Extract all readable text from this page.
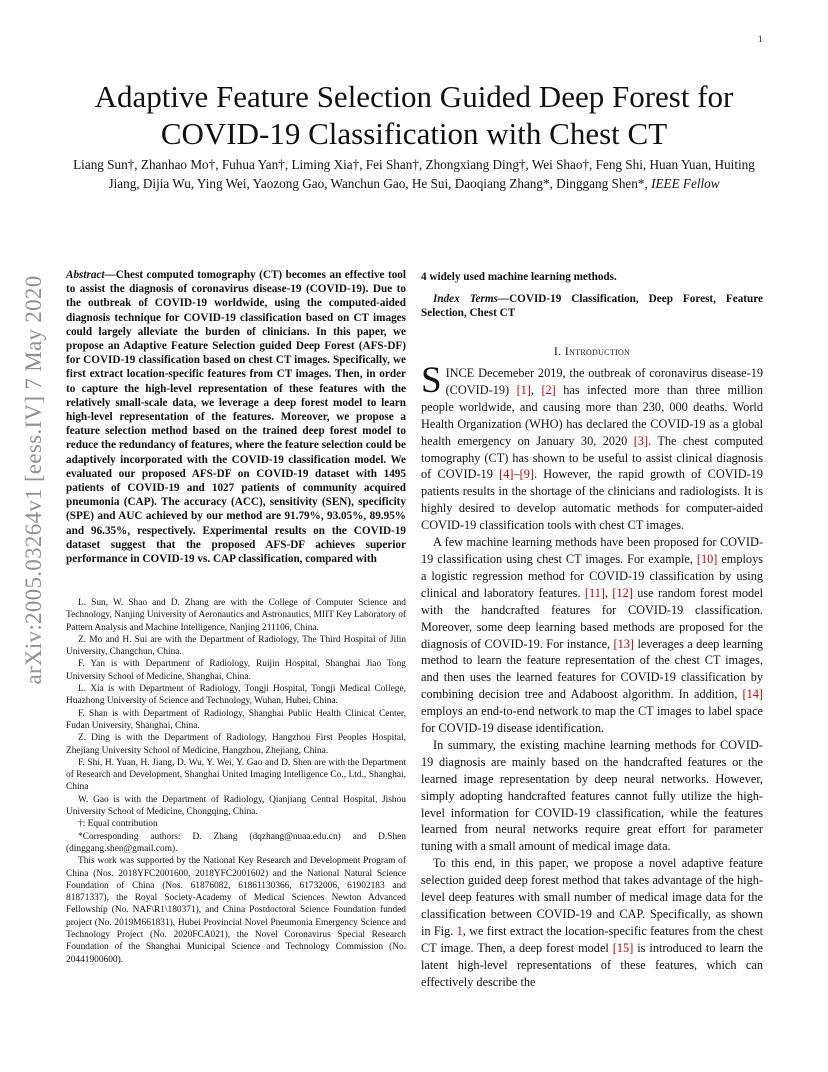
1
arXiv:2005.03264v1 [eess.IV] 7 May 2020
Adaptive Feature Selection Guided Deep Forest for COVID-19 Classification with Chest CT
Liang Sun†, Zhanhao Mo†, Fuhua Yan†, Liming Xia†, Fei Shan†, Zhongxiang Ding†, Wei Shao†, Feng Shi, Huan Yuan, Huiting Jiang, Dijia Wu, Ying Wei, Yaozong Gao, Wanchun Gao, He Sui, Daoqiang Zhang*, Dinggang Shen*, IEEE Fellow
Abstract—Chest computed tomography (CT) becomes an effective tool to assist the diagnosis of coronavirus disease-19 (COVID-19). Due to the outbreak of COVID-19 worldwide, using the computed-aided diagnosis technique for COVID-19 classification based on CT images could largely alleviate the burden of clinicians. In this paper, we propose an Adaptive Feature Selection guided Deep Forest (AFS-DF) for COVID-19 classification based on chest CT images. Specifically, we first extract location-specific features from CT images. Then, in order to capture the high-level representation of these features with the relatively small-scale data, we leverage a deep forest model to learn high-level representation of the features. Moreover, we propose a feature selection method based on the trained deep forest model to reduce the redundancy of features, where the feature selection could be adaptively incorporated with the COVID-19 classification model. We evaluated our proposed AFS-DF on COVID-19 dataset with 1495 patients of COVID-19 and 1027 patients of community acquired pneumonia (CAP). The accuracy (ACC), sensitivity (SEN), specificity (SPE) and AUC achieved by our method are 91.79%, 93.05%, 89.95% and 96.35%, respectively. Experimental results on the COVID-19 dataset suggest that the proposed AFS-DF achieves superior performance in COVID-19 vs. CAP classification, compared with

L. Sun, W. Shao and D. Zhang are with the College of Computer Science and Technology, Nanjing University of Aeronautics and Astronautics, MIIT Key Laboratory of Pattern Analysis and Machine Intelligence, Nanjing 211106, China.

Z. Mo and H. Sui are with the Department of Radiology, The Third Hospital of Jilin University, Changchun, China.

F. Yan is with Department of Radiology, Ruijin Hospital, Shanghai Jiao Tong University School of Medicine, Shanghai, China.

L. Xia is with Department of Radiology, Tongji Hospital, Tongji Medical College, Huazhong University of Science and Technology, Wuhan, Hubei, China.

F. Shan is with Department of Radiology, Shanghai Public Health Clinical Center, Fudan University, Shanghai, China.

Z. Ding is with the Department of Radiology, Hangzhou First Peoples Hospital, Zhejiang University School of Medicine, Hangzhou, Zhejiang, China.

F. Shi, H. Yuan, H. Jiang, D. Wu, Y. Wei, Y. Gao and D. Shen are with the Department of Research and Development, Shanghai United Imaging Intelligence Co., Ltd., Shanghai, China

W. Gao is with the Department of Radiology, Qianjiang Central Hospital, Jishou University School of Medicine, Chongqing, China.

†: Equal contribution

*Corresponding authors: D. Zhang (dqzhang@nuaa.edu.cn) and D.Shen (dinggang.shen@gmail.com).

This work was supported by the National Key Research and Development Program of China (Nos. 2018YFC2001600, 2018YFC2001602) and the National Natural Science Foundation of China (Nos. 61876082, 61861130366, 61732006, 61902183 and 81871337), the Royal Society-Academy of Medical Sciences Newton Advanced Fellowship (No. NAF\R1\180371), and China Postdoctoral Science Foundation funded project (No. 2019M661831), Hubei Provincial Novel Pneumonia Emergency Science and Technology Project (No. 2020FCA021), the Novel Coronavirus Special Research Foundation of the Shanghai Municipal Science and Technology Commission (No. 20441900600).

4 widely used machine learning methods.

Index Terms—COVID-19 Classification, Deep Forest, Feature Selection, Chest CT

I. Introduction

SINCE Decemeber 2019, the outbreak of coronavirus disease-19 (COVID-19) [1], [2] has infected more than three million people worldwide, and causing more than 230, 000 deaths. World Health Organization (WHO) has declared the COVID-19 as a global health emergency on January 30, 2020 [3]. The chest computed tomography (CT) has shown to be useful to assist clinical diagnosis of COVID-19 [4]–[9]. However, the rapid growth of COVID-19 patients results in the shortage of the clinicians and radiologists. It is highly desired to develop automatic methods for computer-aided COVID-19 classification tools with chest CT images.

A few machine learning methods have been proposed for COVID-19 classification using chest CT images. For example, [10] employs a logistic regression method for COVID-19 classification by using clinical and laboratory features. [11], [12] use random forest model with the handcrafted features for COVID-19 classification. Moreover, some deep learning based methods are proposed for the diagnosis of COVID-19. For instance, [13] leverages a deep learning method to learn the feature representation of the chest CT images, and then uses the learned features for COVID-19 classification by combining decision tree and Adaboost algorithm. In addition, [14] employs an end-to-end network to map the CT images to label space for COVID-19 disease identification.

In summary, the existing machine learning methods for COVID-19 diagnosis are mainly based on the handcrafted features or the learned image representation by deep neural networks. However, simply adopting handcrafted features cannot fully utilize the high-level information for COVID-19 classification, while the features learned from neural networks require great effort for parameter tuning with a small amount of medical image data.

To this end, in this paper, we propose a novel adaptive feature selection guided deep forest method that takes advantage of the high-level deep features with small number of medical image data for the classification between COVID-19 and CAP. Specifically, as shown in Fig. 1, we first extract the location-specific features from the chest CT image. Then, a deep forest model [15] is introduced to learn the latent high-level representations of these features, which can effectively describe the
